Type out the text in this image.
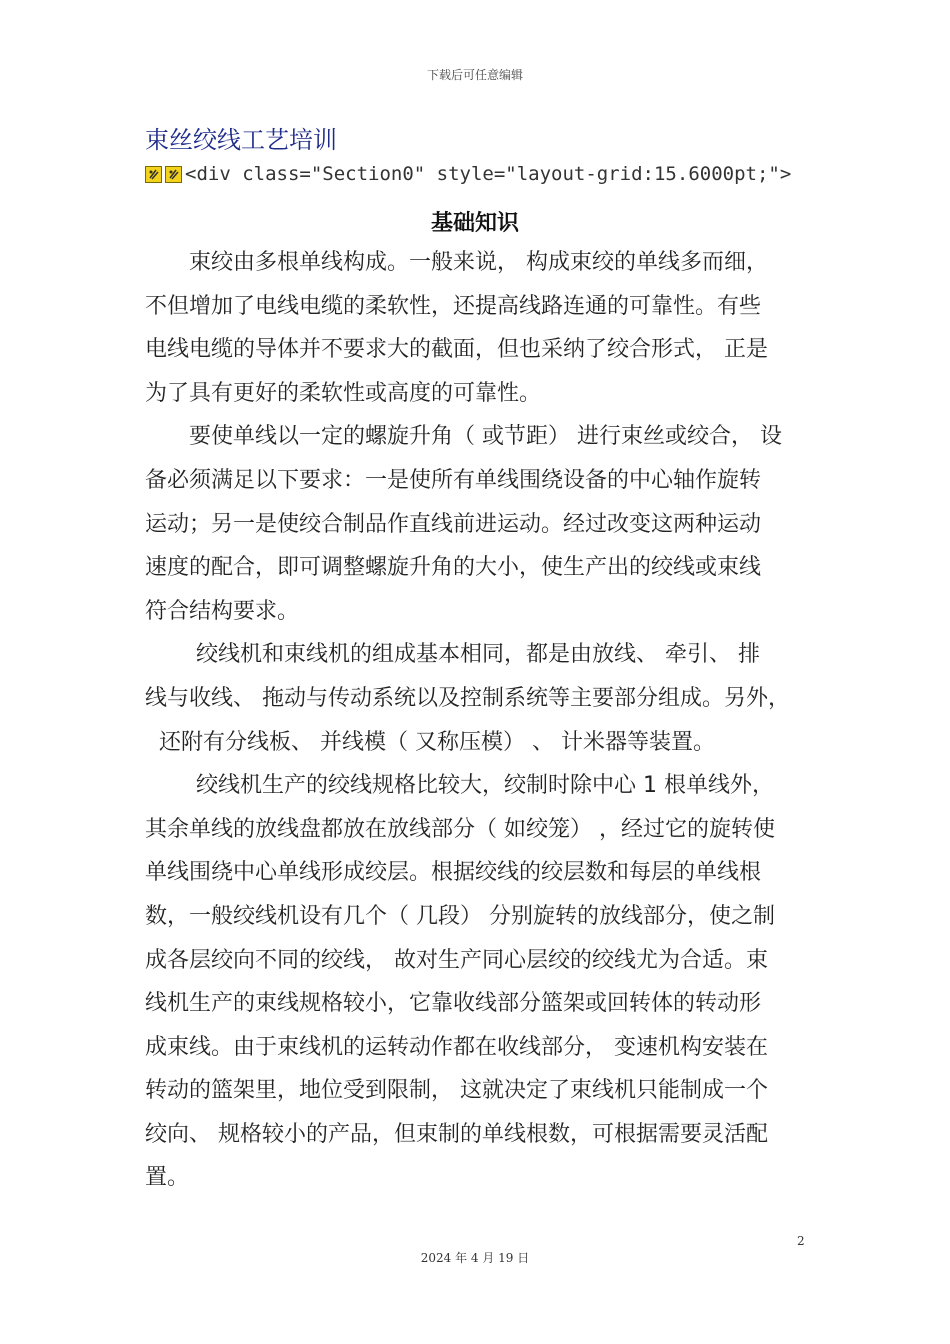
下载后可任意编辑
束丝绞线工艺培训
<div class="Section0" style="layout-grid:15.6000pt;">
基础知识

　　束绞由多根单线构成。一般来说， 构成束绞的单线多而细，
不但增加了电线电缆的柔软性，还提高线路连通的可靠性。有些
电线电缆的导体并不要求大的截面，但也采纳了绞合形式， 正是
为了具有更好的柔软性或高度的可靠性。

　　要使单线以一定的螺旋升角（ 或节距） 进行束丝或绞合， 设
备必须满足以下要求：一是使所有单线围绕设备的中心轴作旋转
运动；另一是使绞合制品作直线前进运动。经过改变这两种运动
速度的配合，即可调整螺旋升角的大小，使生产出的绞线或束线
符合结构要求。

　　 绞线机和束线机的组成基本相同，都是由放线、 牵引、 排
线与收线、 拖动与传动系统以及控制系统等主要部分组成。另外，
还附有分线板、 并线模（ 又称压模） 、 计米器等装置。

　　 绞线机生产的绞线规格比较大，绞制时除中心 1 根单线外，
其余单线的放线盘都放在放线部分（ 如绞笼） ，经过它的旋转使
单线围绕中心单线形成绞层。根据绞线的绞层数和每层的单线根
数，一般绞线机设有几个（ 几段） 分别旋转的放线部分，使之制
成各层绞向不同的绞线， 故对生产同心层绞的绞线尤为合适。束
线机生产的束线规格较小，它靠收线部分篮架或回转体的转动形
成束线。由于束线机的运转动作都在收线部分， 变速机构安装在
转动的篮架里，地位受到限制， 这就决定了束线机只能制成一个
绞向、 规格较小的产品，但束制的单线根数，可根据需要灵活配
置。

2
2024 年 4 月 19 日
